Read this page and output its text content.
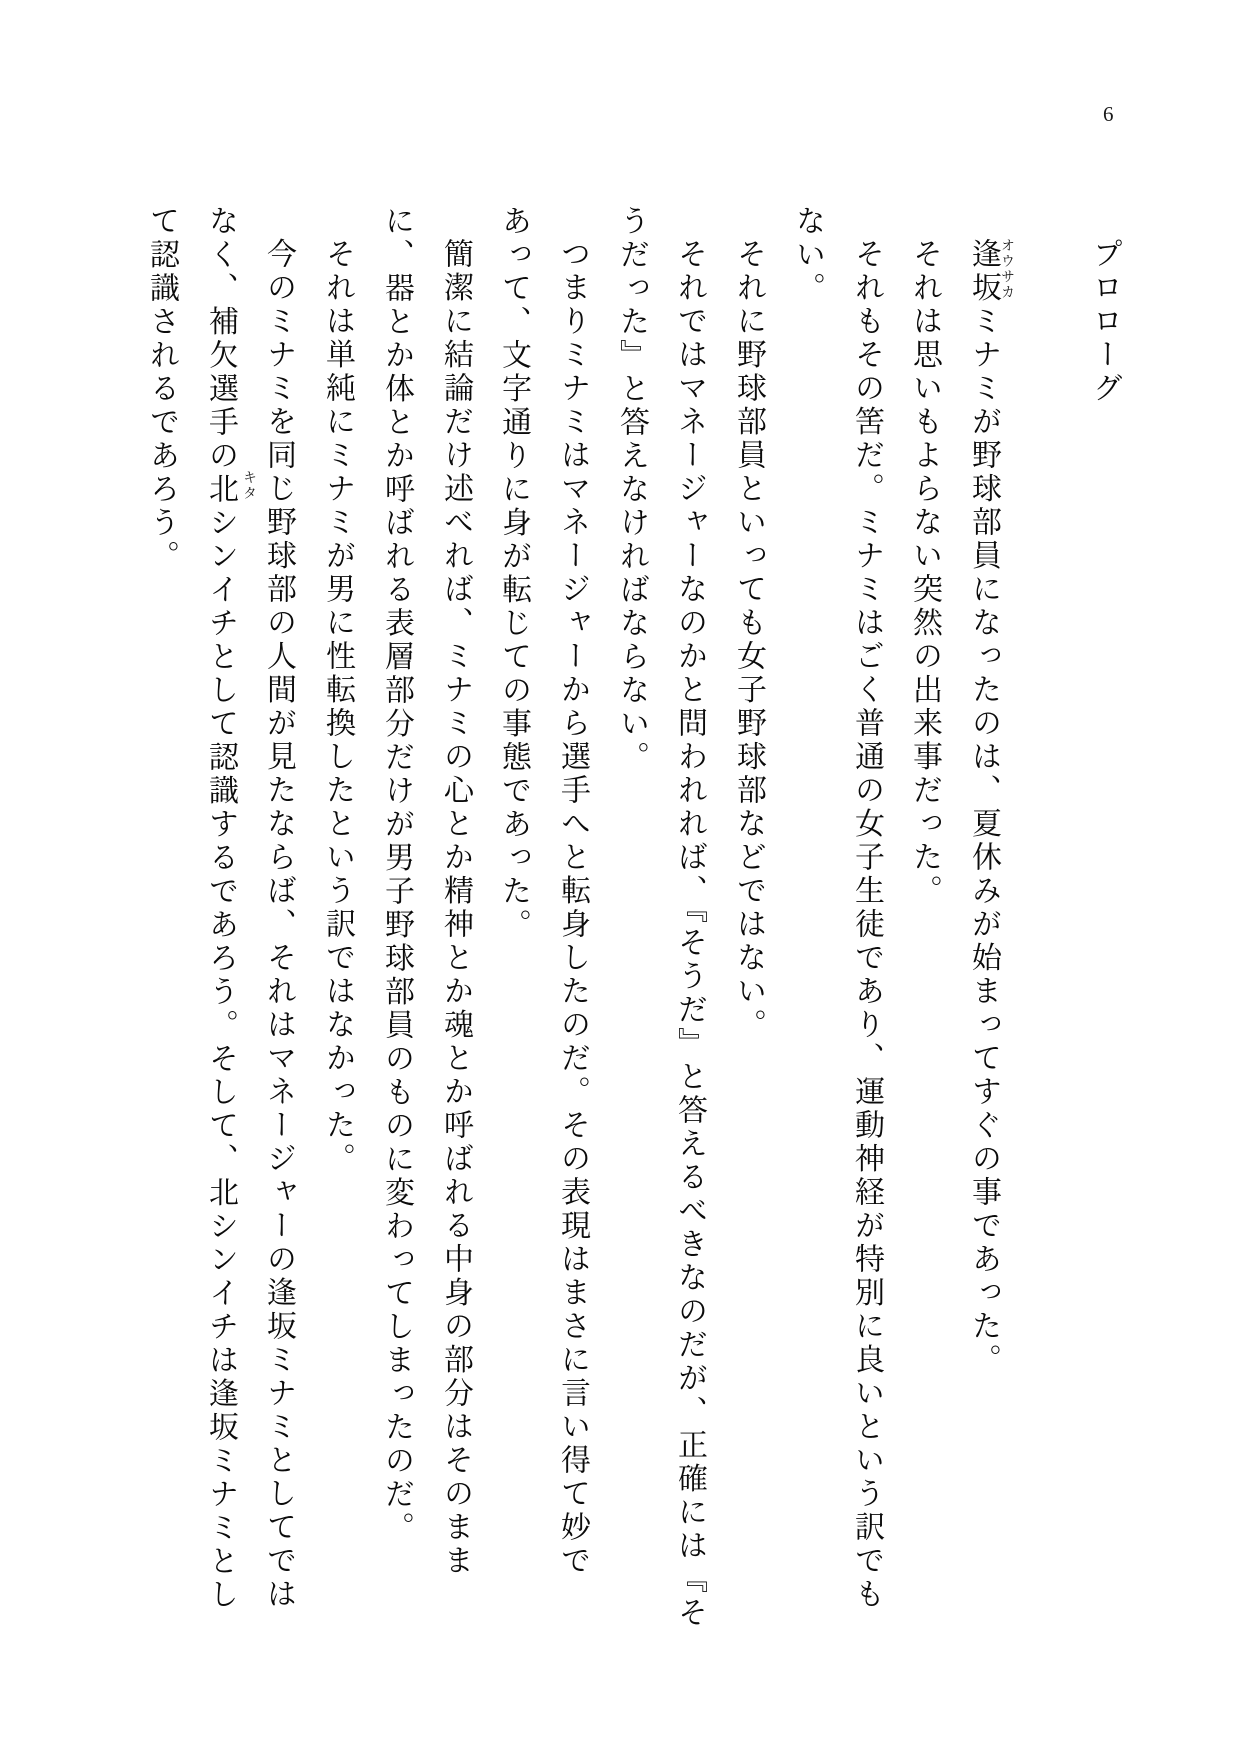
6
プロローグ
逢坂ミナミが野球部員になったのは、夏休みが始まってすぐの事であった。
それは思いもよらない突然の出来事だった。
それもその筈だ。ミナミはごく普通の女子生徒であり、運動神経が特別に良いという訳でも
ない。
それに野球部員といっても女子野球部などではない。
それではマネージャーなのかと問われれば、『そうだ』と答えるべきなのだが、正確には『そ
うだった』と答えなければならない。
つまりミナミはマネージャーから選手へと転身したのだ。その表現はまさに言い得て妙で
あって、文字通りに身が転じての事態であった。
簡潔に結論だけ述べれば、ミナミの心とか精神とか魂とか呼ばれる中身の部分はそのまま
に、器とか体とか呼ばれる表層部分だけが男子野球部員のものに変わってしまったのだ。
それは単純にミナミが男に性転換したという訳ではなかった。
今のミナミを同じ野球部の人間が見たならば、それはマネージャーの逢坂ミナミとしてでは
なく、補欠選手の北シンイチとして認識するであろう。そして、北シンイチは逢坂ミナミとし
て認識されるであろう。	オウサカ
キタ
